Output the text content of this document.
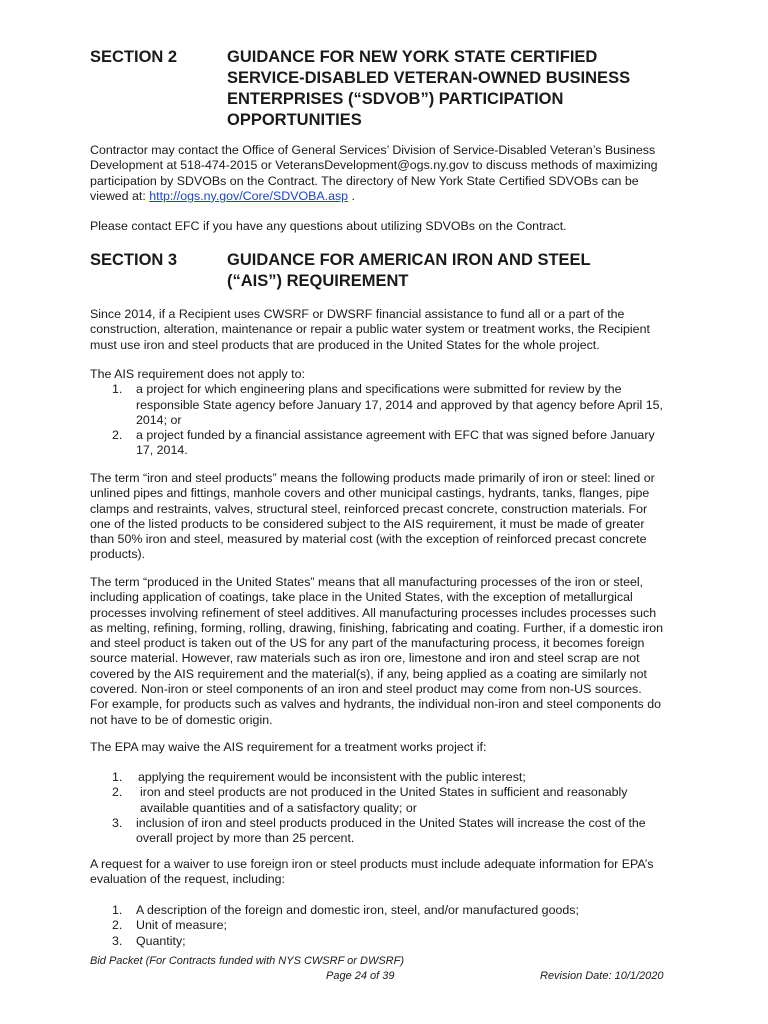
SECTION 2	GUIDANCE FOR NEW YORK STATE CERTIFIED
SERVICE-DISABLED VETERAN-OWNED BUSINESS
ENTERPRISES (“SDVOB”) PARTICIPATION
OPPORTUNITIES
Contractor may contact the Office of General Services’ Division of Service-Disabled Veteran’s Business
Development at 518-474-2015 or VeteransDevelopment@ogs.ny.gov to discuss methods of maximizing
participation by SDVOBs on the Contract. The directory of New York State Certified SDVOBs can be
viewed at: http://ogs.ny.gov/Core/SDVOBA.asp .
Please contact EFC if you have any questions about utilizing SDVOBs on the Contract.
SECTION 3	GUIDANCE FOR AMERICAN IRON AND STEEL
(“AIS”) REQUIREMENT
Since 2014, if a Recipient uses CWSRF or DWSRF financial assistance to fund all or a part of the
construction, alteration, maintenance or repair a public water system or treatment works, the Recipient
must use iron and steel products that are produced in the United States for the whole project.
The AIS requirement does not apply to:
1. a project for which engineering plans and specifications were submitted for review by the
responsible State agency before January 17, 2014 and approved by that agency before April 15,
2014; or
2. a project funded by a financial assistance agreement with EFC that was signed before January
17, 2014.
The term “iron and steel products” means the following products made primarily of iron or steel: lined or
unlined pipes and fittings, manhole covers and other municipal castings, hydrants, tanks, flanges, pipe
clamps and restraints, valves, structural steel, reinforced precast concrete, construction materials. For
one of the listed products to be considered subject to the AIS requirement, it must be made of greater
than 50% iron and steel, measured by material cost (with the exception of reinforced precast concrete
products).
The term “produced in the United States” means that all manufacturing processes of the iron or steel,
including application of coatings, take place in the United States, with the exception of metallurgical
processes involving refinement of steel additives. All manufacturing processes includes processes such
as melting, refining, forming, rolling, drawing, finishing, fabricating and coating. Further, if a domestic iron
and steel product is taken out of the US for any part of the manufacturing process, it becomes foreign
source material. However, raw materials such as iron ore, limestone and iron and steel scrap are not
covered by the AIS requirement and the material(s), if any, being applied as a coating are similarly not
covered. Non-iron or steel components of an iron and steel product may come from non-US sources.
For example, for products such as valves and hydrants, the individual non-iron and steel components do
not have to be of domestic origin.
The EPA may waive the AIS requirement for a treatment works project if:
1. applying the requirement would be inconsistent with the public interest;
2. iron and steel products are not produced in the United States in sufficient and reasonably
available quantities and of a satisfactory quality; or
3. inclusion of iron and steel products produced in the United States will increase the cost of the
overall project by more than 25 percent.
A request for a waiver to use foreign iron or steel products must include adequate information for EPA’s
evaluation of the request, including:
1. A description of the foreign and domestic iron, steel, and/or manufactured goods;
2. Unit of measure;
3. Quantity;
Bid Packet (For Contracts funded with NYS CWSRF or DWSRF)
Page 24 of 39	Revision Date: 10/1/2020
